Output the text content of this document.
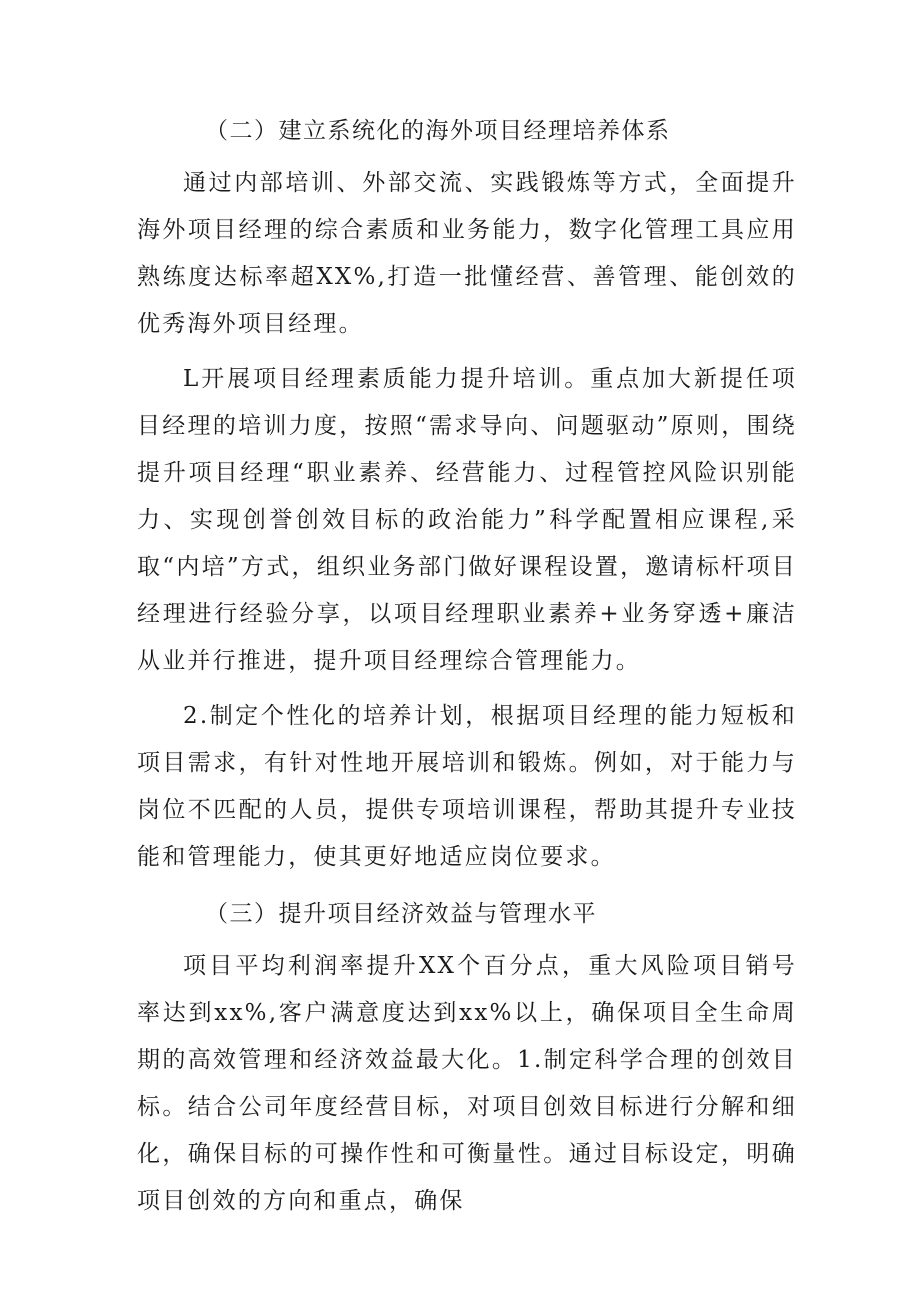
（二）建立系统化的海外项目经理培养体系

通过内部培训、外部交流、实践锻炼等方式，全面提升海外项目经理的综合素质和业务能力，数字化管理工具应用熟练度达标率超XX%,打造一批懂经营、善管理、能创效的优秀海外项目经理。

L开展项目经理素质能力提升培训。重点加大新提任项目经理的培训力度，按照“需求导向、问题驱动”原则，围绕提升项目经理“职业素养、经营能力、过程管控风险识别能力、实现创誉创效目标的政治能力”科学配置相应课程,采取“内培”方式，组织业务部门做好课程设置，邀请标杆项目经理进行经验分享，以项目经理职业素养+业务穿透+廉洁从业并行推进，提升项目经理综合管理能力。

2.制定个性化的培养计划，根据项目经理的能力短板和项目需求，有针对性地开展培训和锻炼。例如，对于能力与岗位不匹配的人员，提供专项培训课程，帮助其提升专业技能和管理能力，使其更好地适应岗位要求。

（三）提升项目经济效益与管理水平

项目平均利润率提升XX个百分点，重大风险项目销号率达到xx%,客户满意度达到xx%以上，确保项目全生命周期的高效管理和经济效益最大化。1.制定科学合理的创效目标。结合公司年度经营目标，对项目创效目标进行分解和细化，确保目标的可操作性和可衡量性。通过目标设定，明确项目创效的方向和重点，确保
